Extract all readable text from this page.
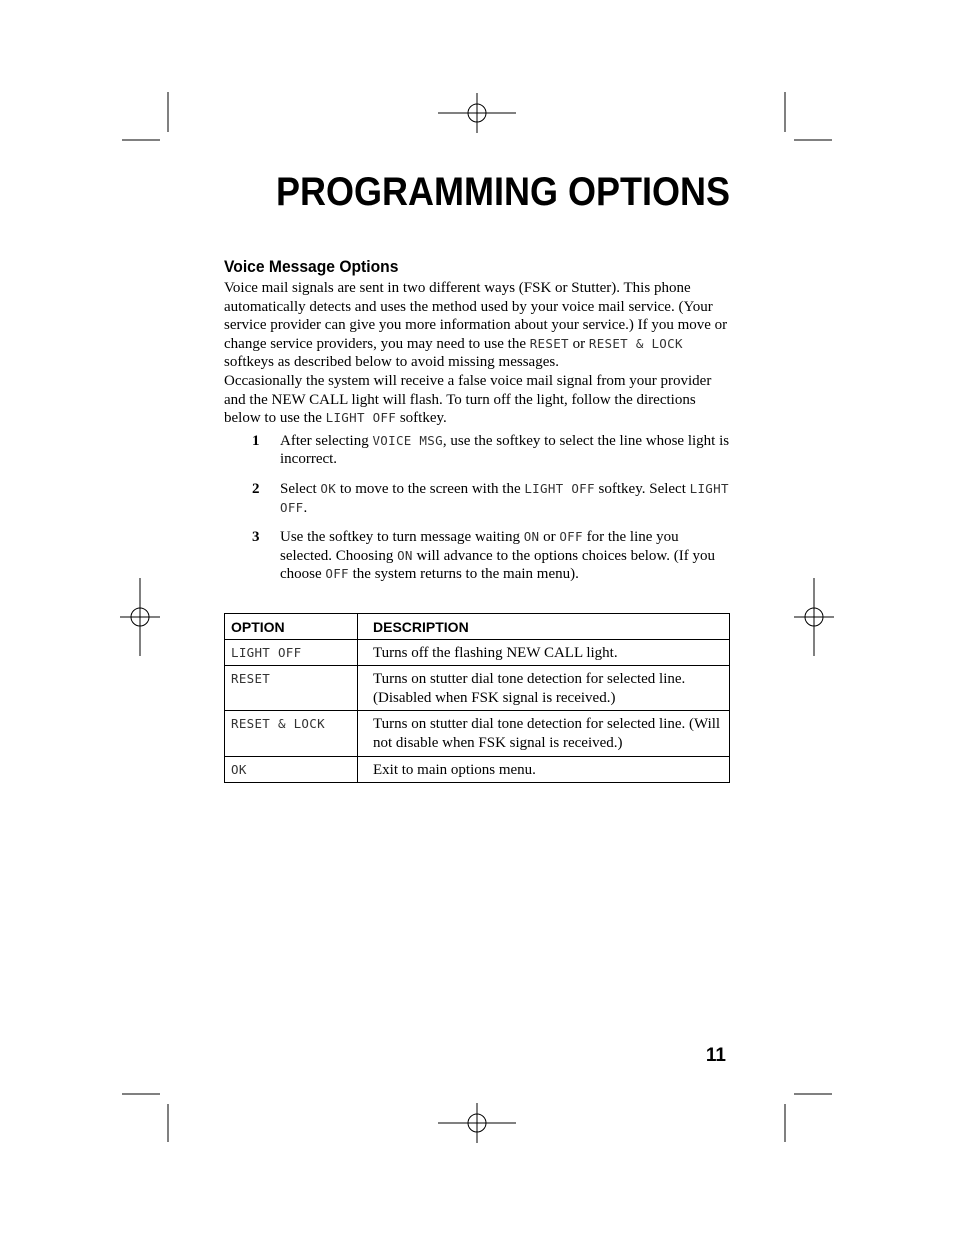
PROGRAMMING OPTIONS
Voice Message Options

Voice mail signals are sent in two different ways (FSK or Stutter). This phone automatically detects and uses the method used by your voice mail service. (Your service provider can give you more information about your service.) If you move or change service providers, you may need to use the RESET or RESET & LOCK softkeys as described below to avoid missing messages.

Occasionally the system will receive a false voice mail signal from your provider and the NEW CALL light will flash. To turn off the light, follow the directions below to use the LIGHT OFF softkey.

1 After selecting VOICE MSG, use the softkey to select the line whose light is incorrect.
2 Select OK to move to the screen with the LIGHT OFF softkey. Select LIGHT OFF.
3 Use the softkey to turn message waiting ON or OFF for the line you selected. Choosing ON will advance to the options choices below. (If you choose OFF the system returns to the main menu).
OPTION	DESCRIPTION
LIGHT OFF	Turns off the flashing NEW CALL light.
RESET	Turns on stutter dial tone detection for selected line. (Disabled when FSK signal is received.)
RESET & LOCK	Turns on stutter dial tone detection for selected line. (Will not disable when FSK signal is received.)
OK	Exit to main options menu.
11
